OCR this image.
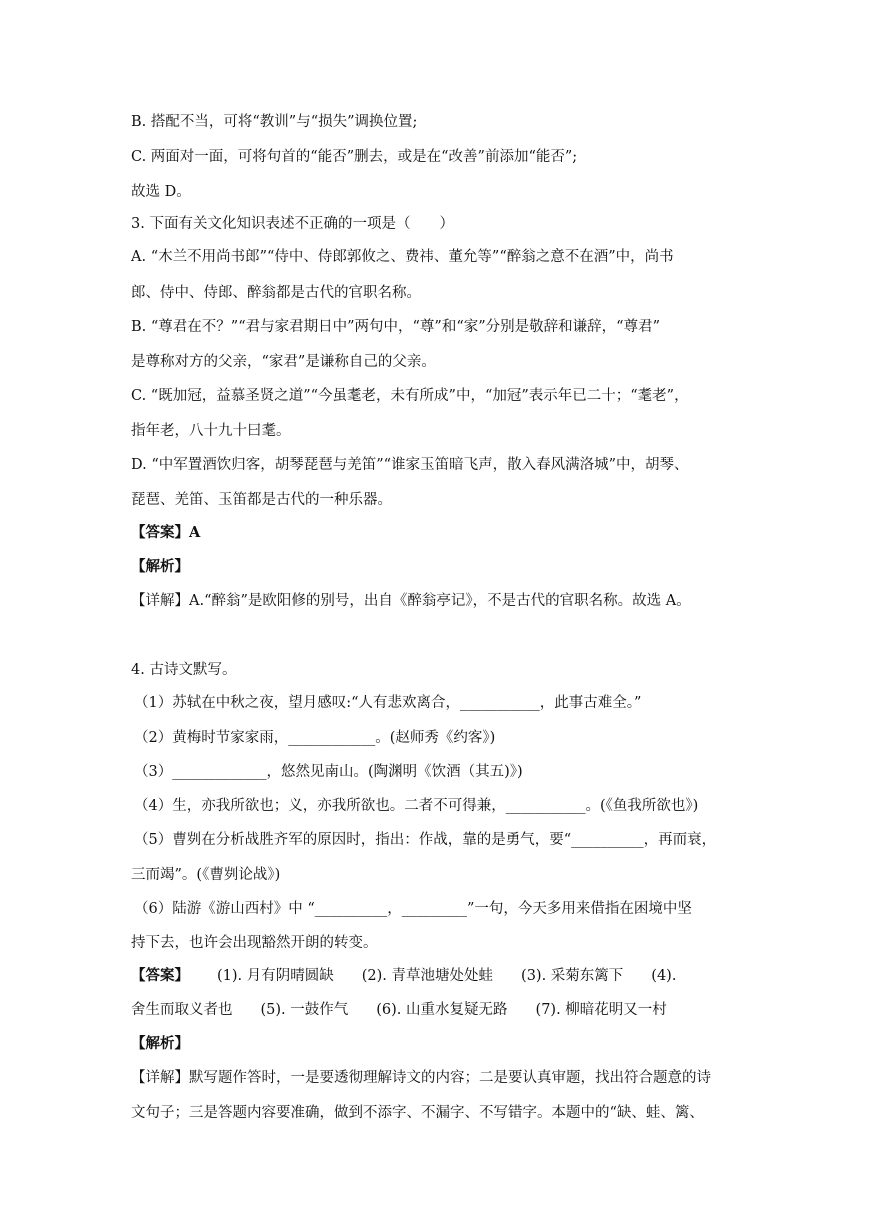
B. 搭配不当，可将“教训”与“损失”调换位置;
C. 两面对一面，可将句首的“能否”删去，或是在“改善”前添加“能否”;
故选 D。
3. 下面有关文化知识表述不正确的一项是（　　）
A. “木兰不用尚书郎”“侍中、侍郎郭攸之、费祎、董允等”“醉翁之意不在酒”中，尚书
郎、侍中、侍郎、醉翁都是古代的官职名称。
B. “尊君在不？”“君与家君期日中”两句中，“尊”和“家”分别是敬辞和谦辞，“尊君”
是尊称对方的父亲，“家君”是谦称自己的父亲。
C. “既加冠，益慕圣贤之道”“今虽耄老，未有所成”中，“加冠”表示年已二十；“耄老”，
指年老，八十九十曰耄。
D. “中军置酒饮归客，胡琴琵琶与羌笛”“谁家玉笛暗飞声，散入春风满洛城”中，胡琴、
琵琶、羌笛、玉笛都是古代的一种乐器。
【答案】A
【解析】
【详解】A.“醉翁”是欧阳修的别号，出自《醉翁亭记》，不是古代的官职名称。故选 A。
4. 古诗文默写。
（1）苏轼在中秋之夜，望月感叹:“人有悲欢离合，___________，此事古难全。”
（2）黄梅时节家家雨，____________。(赵师秀《约客》)
（3）_____________，悠然见南山。(陶渊明《饮酒（其五)》)
（4）生，亦我所欲也；义，亦我所欲也。二者不可得兼，___________。(《鱼我所欲也》)
（5）曹刿在分析战胜齐军的原因时，指出：作战，靠的是勇气，要“__________，再而衰，
三而竭”。(《曹刿论战》)
（6）陆游《游山西村》中 “__________，_________”一句，今天多用来借指在困境中坚
持下去，也许会出现豁然开朗的转变。
【答案】 (1). 月有阴晴圆缺 (2). 青草池塘处处蛙 (3). 采菊东篱下 (4).
舍生而取义者也 (5). 一鼓作气 (6). 山重水复疑无路 (7). 柳暗花明又一村
【解析】
【详解】默写题作答时，一是要透彻理解诗文的内容；二是要认真审题，找出符合题意的诗
文句子；三是答题内容要准确，做到不添字、不漏字、不写错字。本题中的“缺、蛙、篱、
